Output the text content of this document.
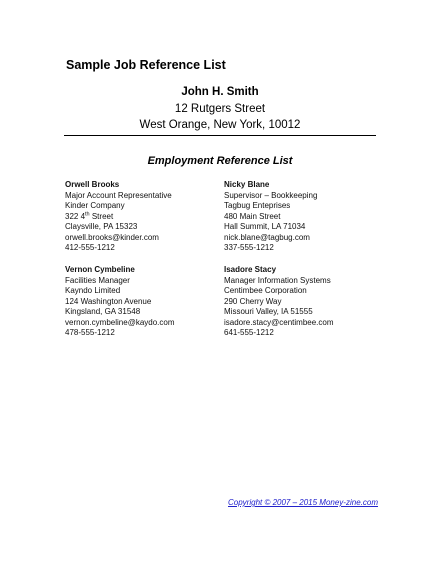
Sample Job Reference List

John H. Smith

12 Rutgers Street

West Orange, New York, 10012

Employment Reference List
Orwell Brooks
Major Account Representative
Kinder Company
322 4th Street
Claysville, PA 15323
orwell.brooks@kinder.com
412-555-1212
Nicky Blane
Supervisor – Bookkeeping
Tagbug Enteprises
480 Main Street
Hall Summit, LA 71034
nick.blane@tagbug.com
337-555-1212
Vernon Cymbeline
Facilities Manager
Kayndo Limited
124 Washington Avenue
Kingsland, GA 31548
vernon.cymbeline@kaydo.com
478-555-1212
Isadore Stacy
Manager Information Systems
Centimbee Corporation
290 Cherry Way
Missouri Valley, IA 51555
isadore.stacy@centimbee.com
641-555-1212
Copyright © 2007 – 2015 Money-zine.com
